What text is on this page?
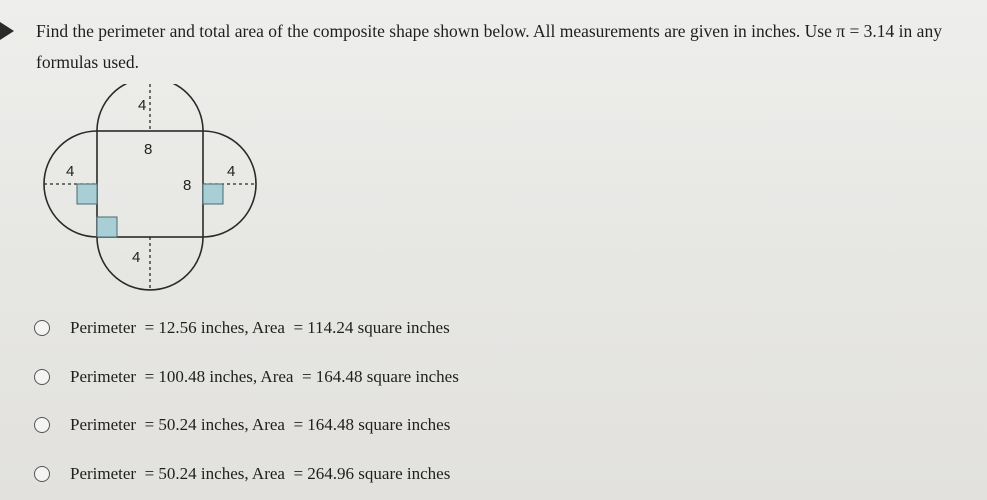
Find the perimeter and total area of the composite shape shown below. All measurements are given in inches. Use π = 3.14 in any formulas used.

4
8
8
4	4
4
Perimeter  = 12.56 inches, Area  = 114.24 square inches
Perimeter  = 100.48 inches, Area  = 164.48 square inches
Perimeter  = 50.24 inches, Area  = 164.48 square inches
Perimeter  = 50.24 inches, Area  = 264.96 square inches
